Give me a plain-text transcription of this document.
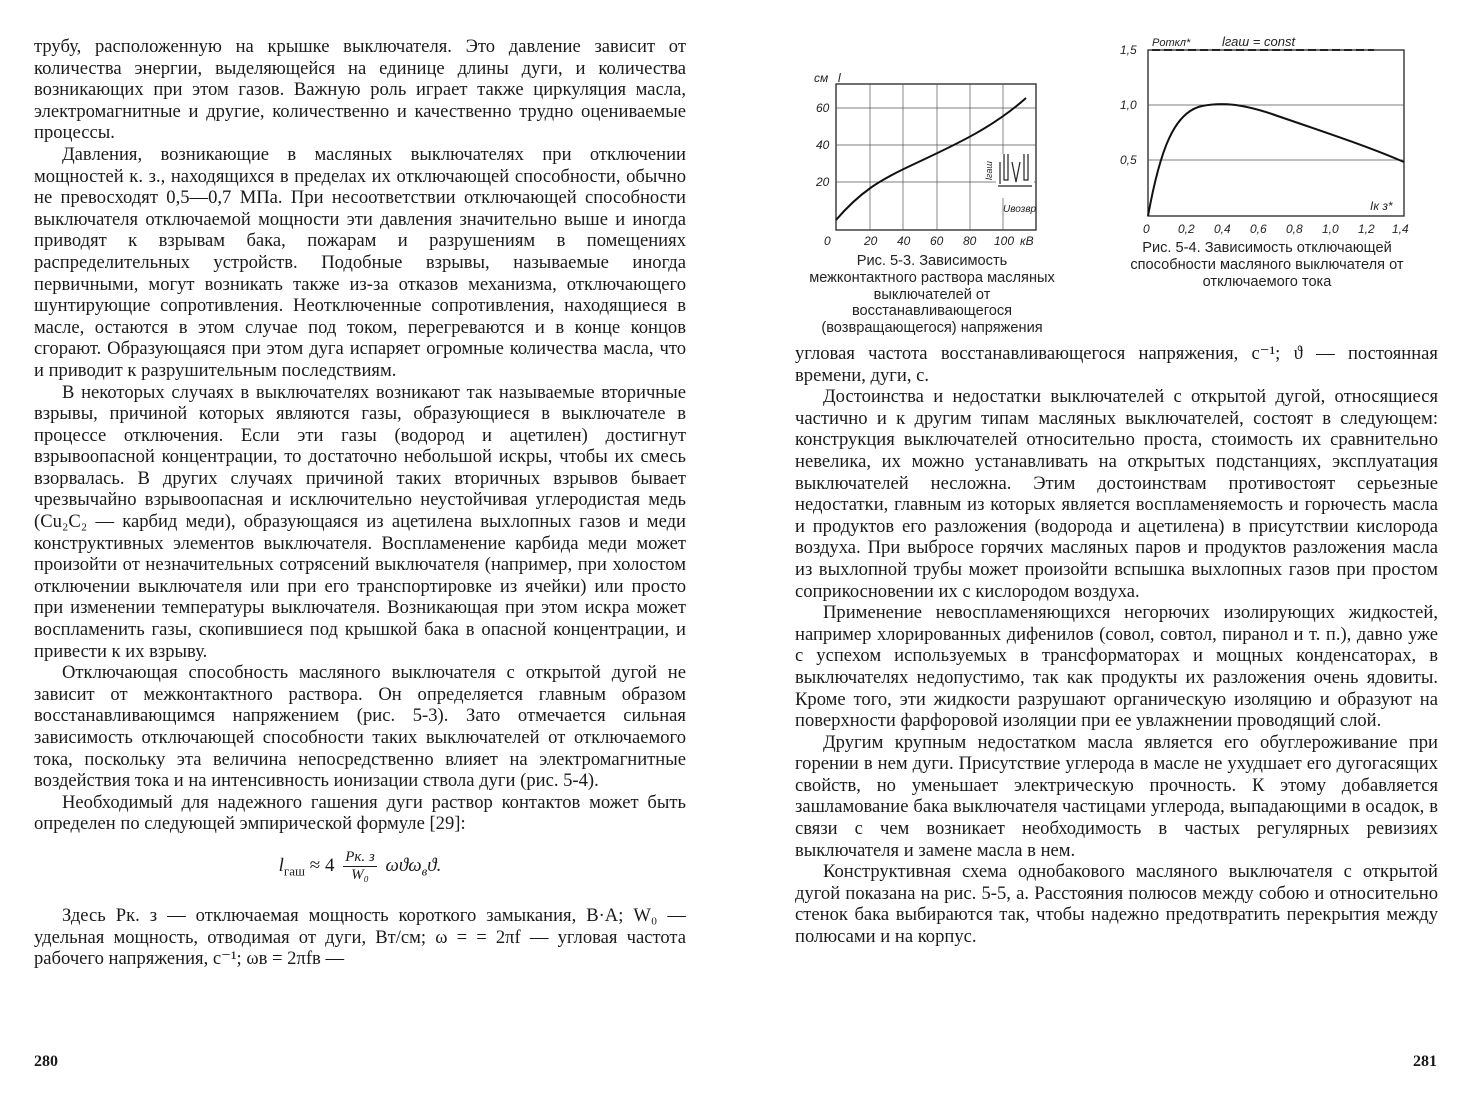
трубу, расположенную на крышке выключателя. Это давление зависит от количества энергии, выделяющейся на единице длины дуги, и количества возникающих при этом газов. Важную роль играет также циркуляция масла, электромагнитные и другие, количественно и качественно трудно оцениваемые процессы.

Давления, возникающие в масляных выключателях при отключении мощностей к. з., находящихся в пределах их отключающей способности, обычно не превосходят 0,5—0,7 МПа. При несоответствии отключающей способности выключателя отключаемой мощности эти давления значительно выше и иногда приводят к взрывам бака, пожарам и разрушениям в помещениях распределительных устройств. Подобные взрывы, называемые иногда первичными, могут возникать также из-за отказов механизма, отключающего шунтирующие сопротивления. Неотключенные сопротивления, находящиеся в масле, остаются в этом случае под током, перегреваются и в конце концов сгорают. Образующаяся при этом дуга испаряет огромные количества масла, что и приводит к разрушительным последствиям.

В некоторых случаях в выключателях возникают так называемые вторичные взрывы, причиной которых являются газы, образующиеся в выключателе в процессе отключения. Если эти газы (водород и ацетилен) достигнут взрывоопасной концентрации, то достаточно небольшой искры, чтобы их смесь взорвалась. В других случаях причиной таких вторичных взрывов бывает чрезвычайно взрывоопасная и исключительно неустойчивая углеродистая медь (Cu₂C₂ — карбид меди), образующаяся из ацетилена выхлопных газов и меди конструктивных элементов выключателя. Воспламенение карбида меди может произойти от незначительных сотрясений выключателя (например, при холостом отключении выключателя или при его транспортировке из ячейки) или просто при изменении температуры выключателя. Возникающая при этом искра может воспламенить газы, скопившиеся под крышкой бака в опасной концентрации, и привести к их взрыву.

Отключающая способность масляного выключателя с открытой дугой не зависит от межконтактного раствора. Он определяется главным образом восстанавливающимся напряжением (рис. 5-3). Зато отмечается сильная зависимость отключающей способности таких выключателей от отключаемого тока, поскольку эта величина непосредственно влияет на электромагнитные воздействия тока и на интенсивность ионизации ствола дуги (рис. 5-4).

Необходимый для надежного гашения дуги раствор контактов может быть определен по следующей эмпирической формуле [29]:

$l_{гаш} \approx 4 \frac{Pк. з}{\text{W₀}} \omega ϑ\omega_вϑ$.

Здесь Pк. з — отключаемая мощность короткого замыкания, В·А; W₀ — удельная мощность, отводимая от дуги, Вт/см; ω = = 2πf — угловая частота рабочего напряжения, с⁻¹; ωв = 2πfв —

280
см l
60
40
20
0	20 40 60 80 100 кВ
lгаш
Uвозвр
Рис. 5-3. Зависимость межконтактного раствора масляных выключателей от восстанавливающегося (возвращающегося) напряжения
Pоткл* lгаш = const
1,5
1,0
0,5
0 0,2 0,4 0,6 0,8 1,0 1,2 1,4
Iк з*
Рис. 5-4. Зависимость отключающей способности масляного выключателя от отключаемого тока

угловая частота восстанавливающегося напряжения, с⁻¹; ϑ — постоянная времени, дуги, с.

Достоинства и недостатки выключателей с открытой дугой, относящиеся частично и к другим типам масляных выключателей, состоят в следующем: конструкция выключателей относительно проста, стоимость их сравнительно невелика, их можно устанавливать на открытых подстанциях, эксплуатация выключателей несложна. Этим достоинствам противостоят серьезные недостатки, главным из которых является воспламеняемость и горючесть масла и продуктов его разложения (водорода и ацетилена) в присутствии кислорода воздуха. При выбросе горячих масляных паров и продуктов разложения масла из выхлопной трубы может произойти вспышка выхлопных газов при простом соприкосновении их с кислородом воздуха.

Применение невоспламеняющихся негорючих изолирующих жидкостей, например хлорированных дифенилов (совол, совтол, пиранол и т. п.), давно уже с успехом используемых в трансформаторах и мощных конденсаторах, в выключателях недопустимо, так как продукты их разложения очень ядовиты. Кроме того, эти жидкости разрушают органическую изоляцию и образуют на поверхности фарфоровой изоляции при ее увлажнении проводящий слой.

Другим крупным недостатком масла является его обуглероживание при горении в нем дуги. Присутствие углерода в масле не ухудшает его дугогасящих свойств, но уменьшает электрическую прочность. К этому добавляется зашламование бака выключателя частицами углерода, выпадающими в осадок, в связи с чем возникает необходимость в частых регулярных ревизиях выключателя и замене масла в нем.

Конструктивная схема однобакового масляного выключателя с открытой дугой показана на рис. 5-5, а. Расстояния полюсов между собою и относительно стенок бака выбираются так, чтобы надежно предотвратить перекрытия между полюсами и на корпус.

281
